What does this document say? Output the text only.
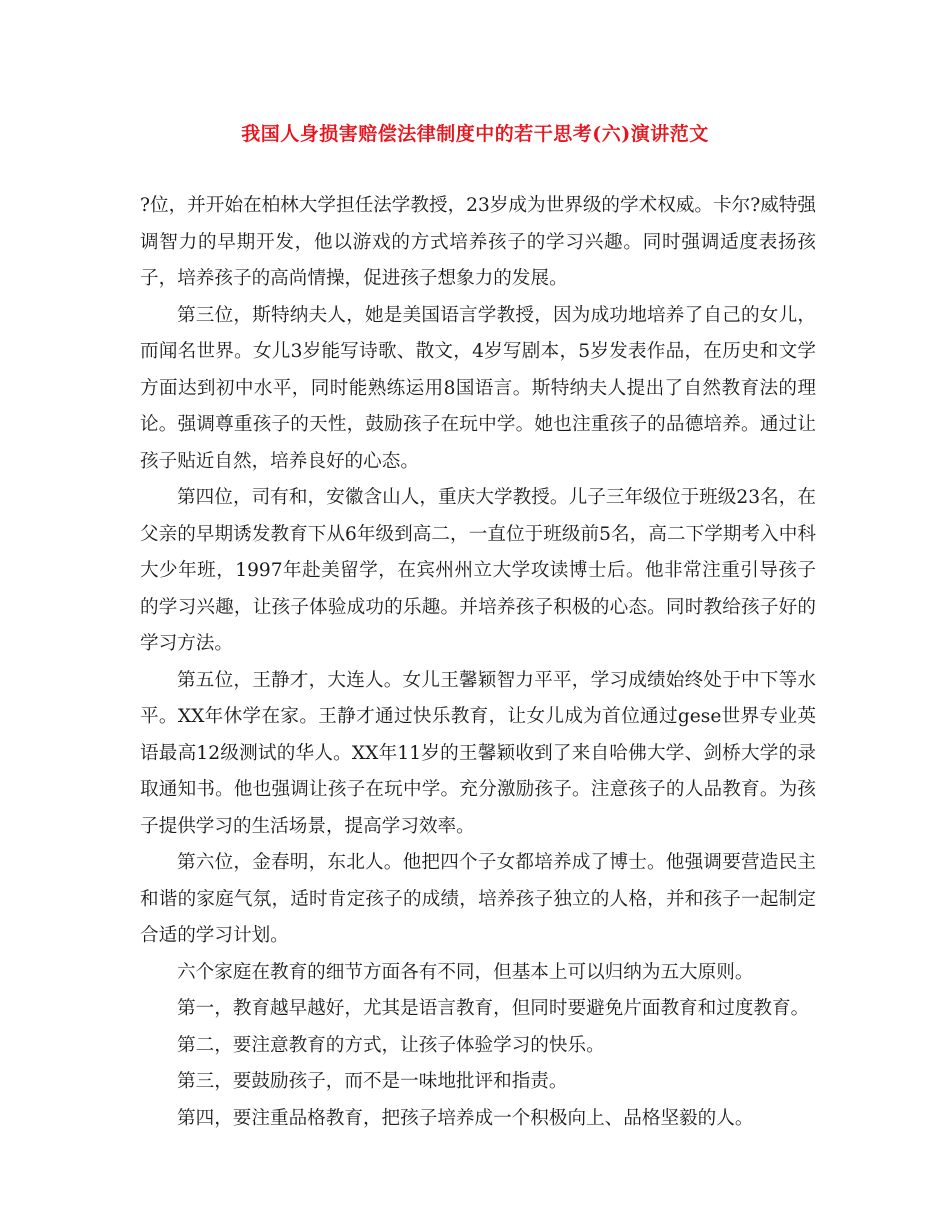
我国人身损害赔偿法律制度中的若干思考(六)演讲范文

?位，并开始在柏林大学担任法学教授，23岁成为世界级的学术权威。卡尔?威特强调智力的早期开发，他以游戏的方式培养孩子的学习兴趣。同时强调适度表扬孩子，培养孩子的高尚情操，促进孩子想象力的发展。

第三位，斯特纳夫人，她是美国语言学教授，因为成功地培养了自己的女儿，而闻名世界。女儿3岁能写诗歌、散文，4岁写剧本，5岁发表作品，在历史和文学方面达到初中水平，同时能熟练运用8国语言。斯特纳夫人提出了自然教育法的理论。强调尊重孩子的天性，鼓励孩子在玩中学。她也注重孩子的品德培养。通过让孩子贴近自然，培养良好的心态。

第四位，司有和，安徽含山人，重庆大学教授。儿子三年级位于班级23名，在父亲的早期诱发教育下从6年级到高二，一直位于班级前5名，高二下学期考入中科大少年班，1997年赴美留学，在宾州州立大学攻读博士后。他非常注重引导孩子的学习兴趣，让孩子体验成功的乐趣。并培养孩子积极的心态。同时教给孩子好的学习方法。

第五位，王静才，大连人。女儿王馨颖智力平平，学习成绩始终处于中下等水平。XX年休学在家。王静才通过快乐教育，让女儿成为首位通过gese世界专业英语最高12级测试的华人。XX年11岁的王馨颖收到了来自哈佛大学、剑桥大学的录取通知书。他也强调让孩子在玩中学。充分激励孩子。注意孩子的人品教育。为孩子提供学习的生活场景，提高学习效率。

第六位，金春明，东北人。他把四个子女都培养成了博士。他强调要营造民主和谐的家庭气氛，适时肯定孩子的成绩，培养孩子独立的人格，并和孩子一起制定合适的学习计划。

六个家庭在教育的细节方面各有不同，但基本上可以归纳为五大原则。

第一，教育越早越好，尤其是语言教育，但同时要避免片面教育和过度教育。

第二，要注意教育的方式，让孩子体验学习的快乐。

第三，要鼓励孩子，而不是一味地批评和指责。

第四，要注重品格教育，把孩子培养成一个积极向上、品格坚毅的人。
